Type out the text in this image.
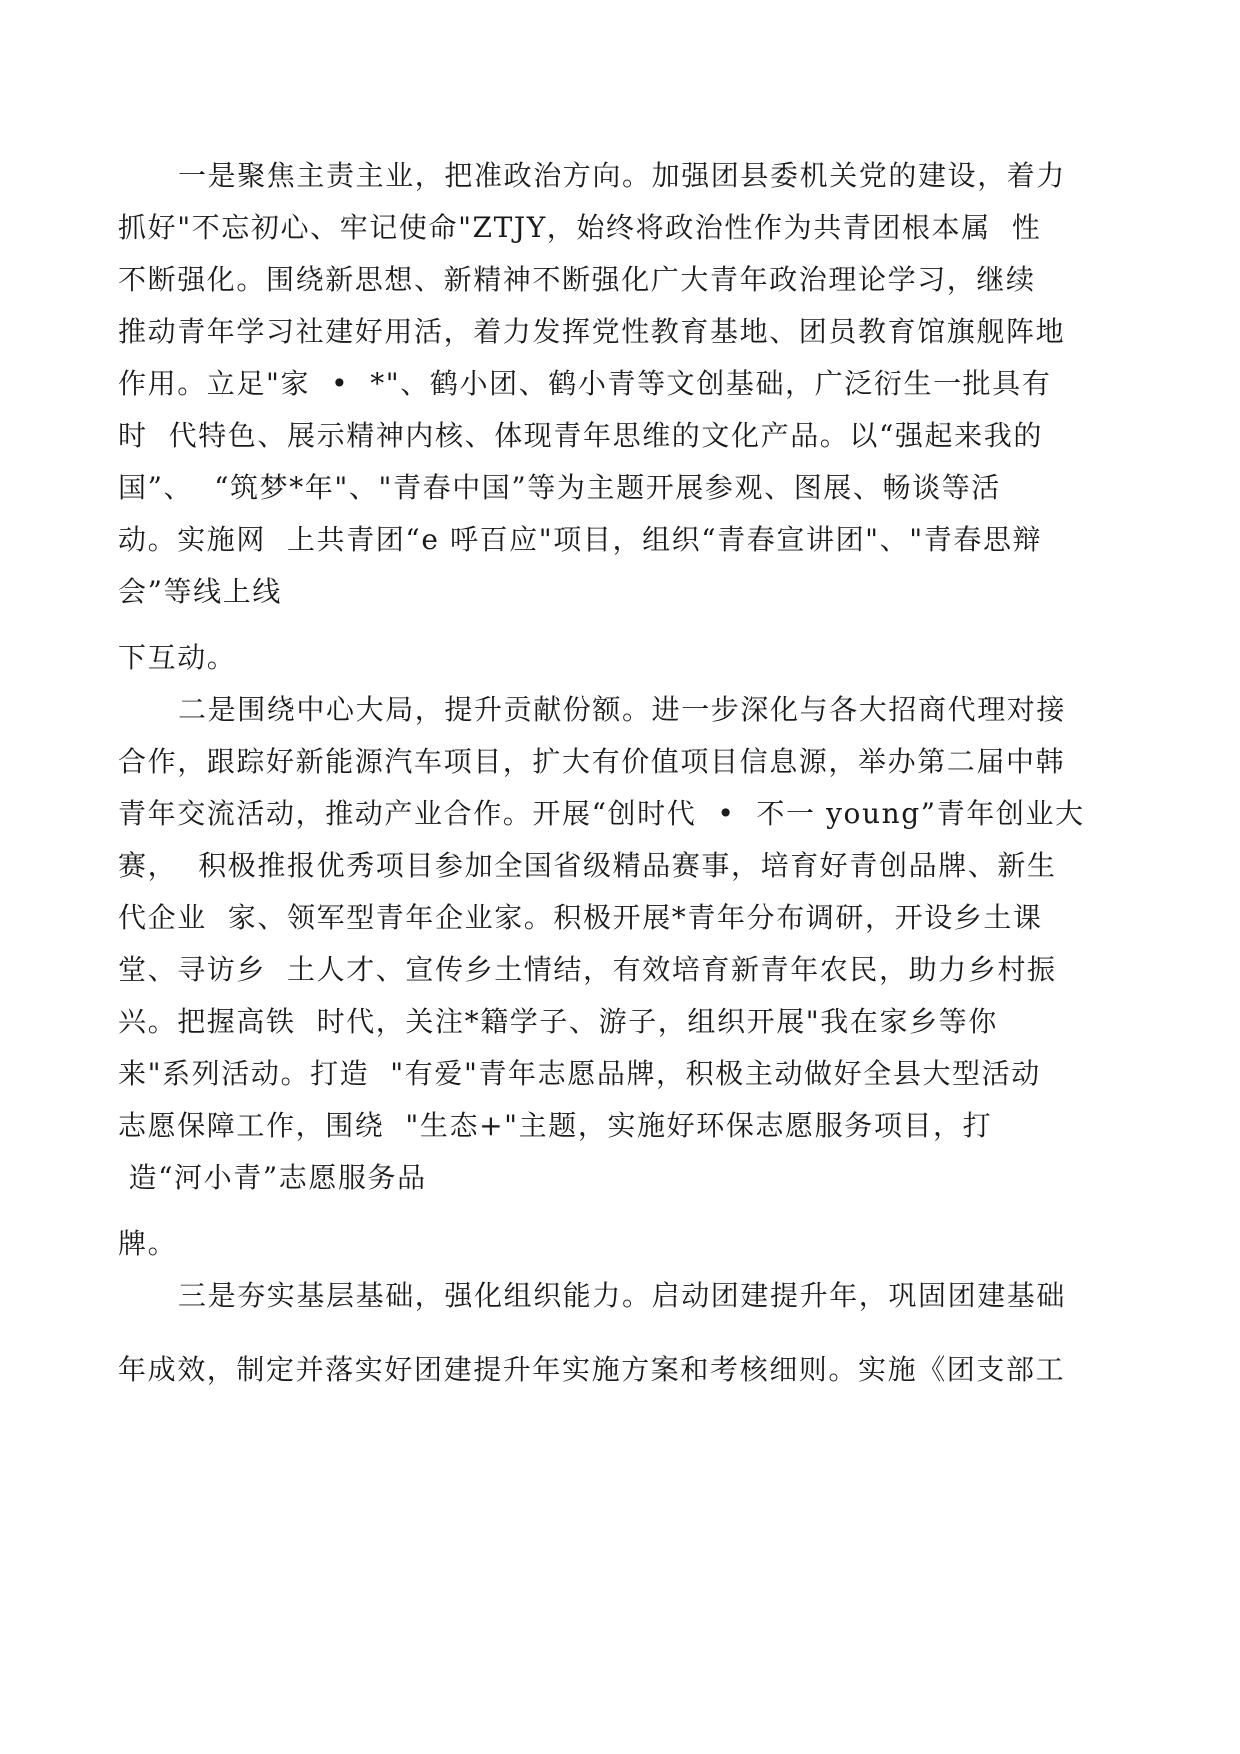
一是聚焦主责主业，把准政治方向。加强团县委机关党的建设，着力
抓好"不忘初心、牢记使命"ZTJY，始终将政治性作为共青团根本属  性
不断强化。围绕新思想、新精神不断强化广大青年政治理论学习，继续
推动青年学习社建好用活，着力发挥党性教育基地、团员教育馆旗舰阵地
作用。立足"家  •  *"、鹤小团、鹤小青等文创基础，广泛衍生一批具有
时  代特色、展示精神内核、体现青年思维的文化产品。以“强起来我的
国”、  “筑梦*年"、"青春中国”等为主题开展参观、图展、畅谈等活
动。实施网  上共青团“e 呼百应"项目，组织“青春宣讲团"、"青春思辩
会”等线上线
下互动。
二是围绕中心大局，提升贡献份额。进一步深化与各大招商代理对接
合作，跟踪好新能源汽车项目，扩大有价值项目信息源，举办第二届中韩
青年交流活动，推动产业合作。开展“创时代  •  不一 young”青年创业大
赛，  积极推报优秀项目参加全国省级精品赛事，培育好青创品牌、新生
代企业  家、领军型青年企业家。积极开展*青年分布调研，开设乡土课
堂、寻访乡  土人才、宣传乡土情结，有效培育新青年农民，助力乡村振
兴。把握高铁  时代，关注*籍学子、游子，组织开展"我在家乡等你
来"系列活动。打造  "有爱"青年志愿品牌，积极主动做好全县大型活动
志愿保障工作，围绕  "生态+"主题，实施好环保志愿服务项目，打
造“河小青”志愿服务品
牌。
三是夯实基层基础，强化组织能力。启动团建提升年，巩固团建基础
年成效，制定并落实好团建提升年实施方案和考核细则。实施《团支部工
